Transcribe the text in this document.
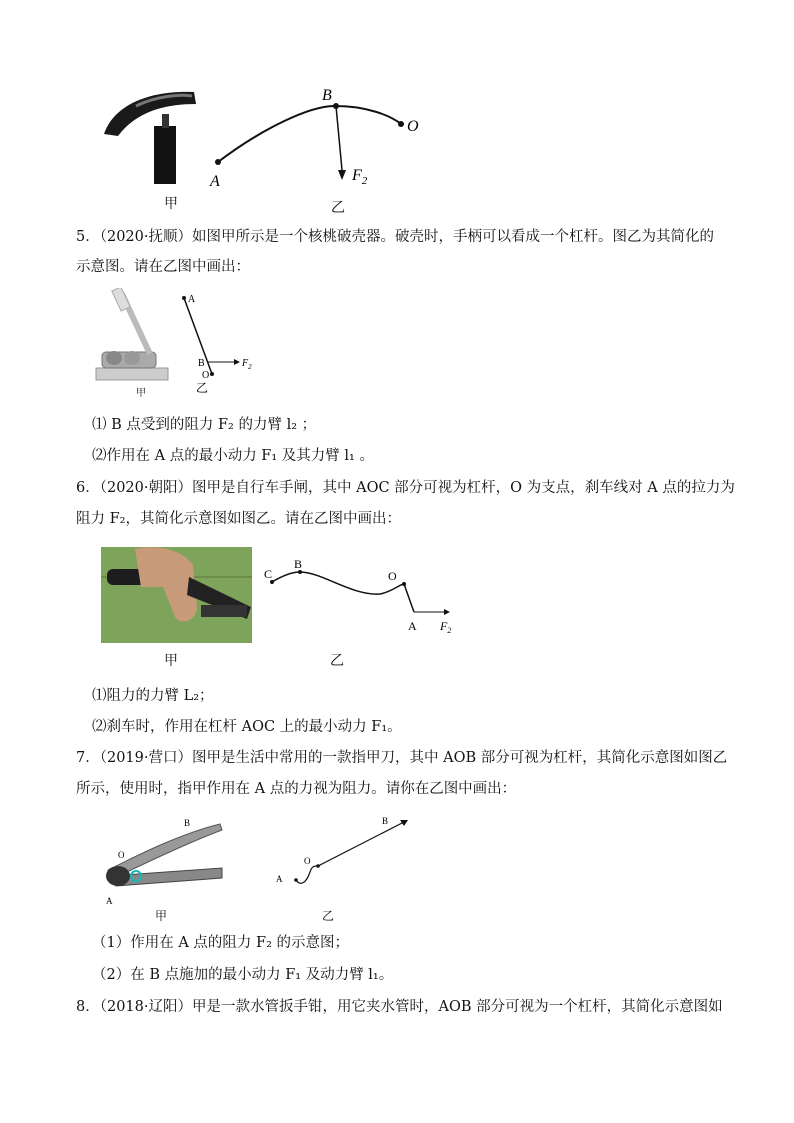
甲
A
B
O
$F_2$
乙
5．（2020·抚顺）如图甲所示是一个核桃破壳器。破壳时，手柄可以看成一个杠杆。图乙为其简化的
示意图。请在乙图中画出：
甲
A
B
O
$F_2$
乙
⑴ B 点受到的阻力 F₂ 的力臂 l₂ ；
⑵作用在 A 点的最小动力 F₁ 及其力臂 l₁ 。
6．（2020·朝阳）图甲是自行车手闸，其中 AOC 部分可视为杠杆，O 为支点，刹车线对 A 点的拉力为
阻力 F₂，其简化示意图如图乙。请在乙图中画出：
甲
C
B
O
A $F_2$
乙
⑴阻力的力臂 L₂；
⑵刹车时，作用在杠杆 AOC 上的最小动力 F₁。
7．（2019·营口）图甲是生活中常用的一款指甲刀，其中 AOB 部分可视为杠杆，其简化示意图如图乙
所示，使用时，指甲作用在 A 点的力视为阻力。请你在乙图中画出：
B
O
A
甲
A
O
B
乙
（1）作用在 A 点的阻力 F₂ 的示意图；
（2）在 B 点施加的最小动力 F₁ 及动力臂 l₁。
8．（2018·辽阳）甲是一款水管扳手钳，用它夹水管时，AOB 部分可视为一个杠杆，其简化示意图如
